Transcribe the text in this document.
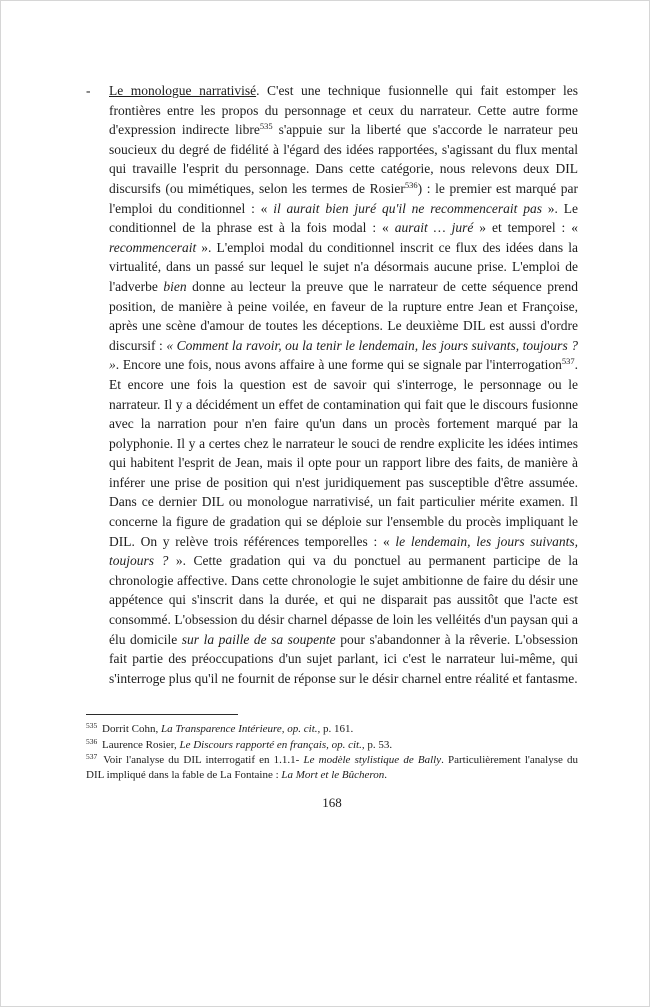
-	Le monologue narrativisé. C'est une technique fusionnelle qui fait estomper les frontières entre les propos du personnage et ceux du narrateur. Cette autre forme d'expression indirecte libre$^{535}$ s'appuie sur la liberté que s'accorde le narrateur peu soucieux du degré de fidélité à l'égard des idées rapportées, s'agissant du flux mental qui travaille l'esprit du personnage. Dans cette catégorie, nous relevons deux DIL discursifs (ou mimétiques, selon les termes de Rosier$^{536}$) : le premier est marqué par l'emploi du conditionnel : « il aurait bien juré qu'il ne recommencerait pas ». Le conditionnel de la phrase est à la fois modal : « aurait … juré » et temporel : « recommencerait ». L'emploi modal du conditionnel inscrit ce flux des idées dans la virtualité, dans un passé sur lequel le sujet n'a désormais aucune prise. L'emploi de l'adverbe bien donne au lecteur la preuve que le narrateur de cette séquence prend position, de manière à peine voilée, en faveur de la rupture entre Jean et Françoise, après une scène d'amour de toutes les déceptions. Le deuxième DIL est aussi d'ordre discursif : « Comment la ravoir, ou la tenir le lendemain, les jours suivants, toujours ? ». Encore une fois, nous avons affaire à une forme qui se signale par l'interrogation$^{537}$. Et encore une fois la question est de savoir qui s'interroge, le personnage ou le narrateur. Il y a décidément un effet de contamination qui fait que le discours fusionne avec la narration pour n'en faire qu'un dans un procès fortement marqué par la polyphonie. Il y a certes chez le narrateur le souci de rendre explicite les idées intimes qui habitent l'esprit de Jean, mais il opte pour un rapport libre des faits, de manière à inférer une prise de position qui n'est juridiquement pas susceptible d'être assumée. Dans ce dernier DIL ou monologue narrativisé, un fait particulier mérite examen. Il concerne la figure de gradation qui se déploie sur l'ensemble du procès impliquant le DIL. On y relève trois références temporelles : « le lendemain, les jours suivants, toujours ? ». Cette gradation qui va du ponctuel au permanent participe de la chronologie affective. Dans cette chronologie le sujet ambitionne de faire du désir une appétence qui s'inscrit dans la durée, et qui ne disparait pas aussitôt que l'acte est consommé. L'obsession du désir charnel dépasse de loin les velléités d'un paysan qui a élu domicile sur la paille de sa soupente pour s'abandonner à la rêverie. L'obsession fait partie des préoccupations d'un sujet parlant, ici c'est le narrateur lui-même, qui s'interroge plus qu'il ne fournit de réponse sur le désir charnel entre réalité et fantasme.
$^{535}$ Dorrit Cohn, La Transparence Intérieure, op. cit., p. 161.
$^{536}$ Laurence Rosier, Le Discours rapporté en français, op. cit., p. 53.
$^{537}$ Voir l'analyse du DIL interrogatif en 1.1.1- Le modèle stylistique de Bally. Particulièrement l'analyse du DIL impliqué dans la fable de La Fontaine : La Mort et le Bûcheron.
168
